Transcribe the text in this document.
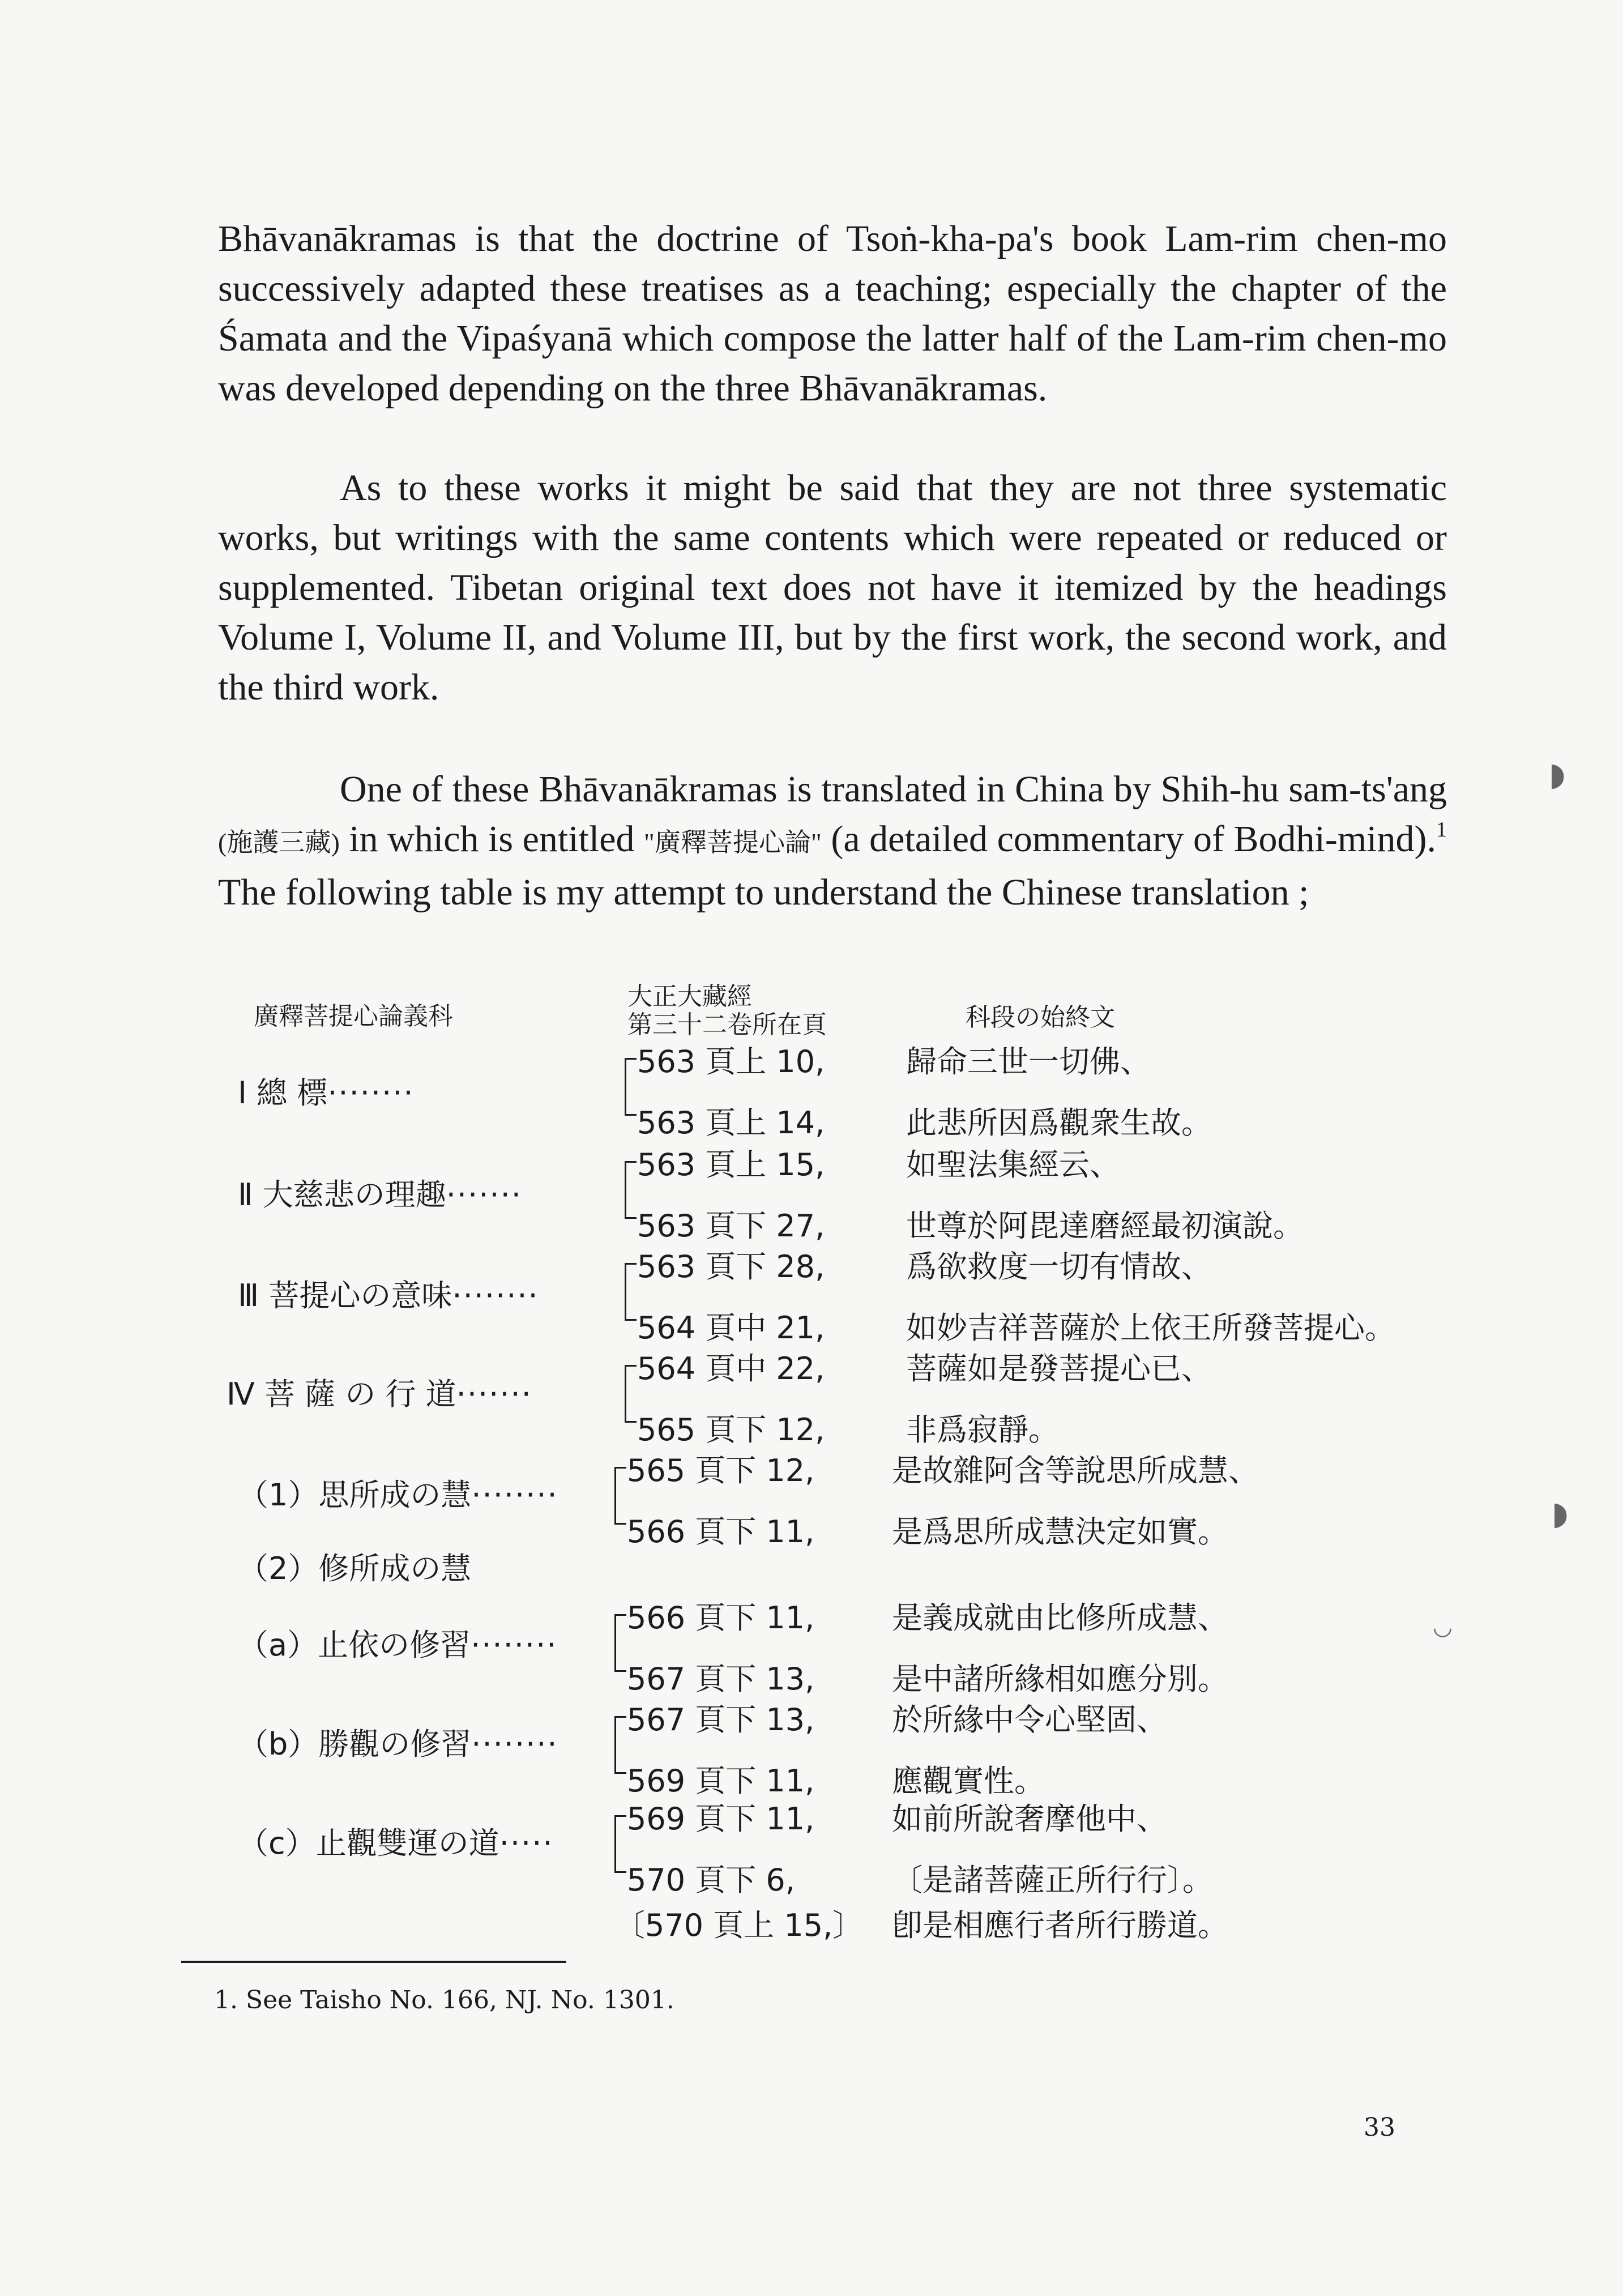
Bhāvanākramas is that the doctrine of Tsoṅ-kha-pa's book Lam-rim chen-mo successively adapted these treatises as a teaching; especially the chapter of the Śamata and the Vipaśyanā which compose the latter half of the Lam-rim chen-mo was developed depending on the three Bhāvanākramas.

As to these works it might be said that they are not three systematic works, but writings with the same contents which were repeated or reduced or supplemented. Tibetan original text does not have it itemized by the headings Volume I, Volume II, and Volume III, but by the first work, the second work, and the third work.

One of these Bhāvanākramas is translated in China by Shih-hu sam-ts'ang (施護三藏) in which is entitled "廣釋菩提心論" (a detailed commentary of Bodhi-mind).$^1$ The following table is my attempt to understand the Chinese translation ;

廣釋菩提心論義科
大正大藏經
第三十二卷所在頁	科段の始終文
Ⅰ 總 標········
563 頁上 10,
563 頁上 14,
歸命三世一切佛、
此悲所因爲觀衆生故。
Ⅱ 大慈悲の理趣·······
563 頁上 15,
563 頁下 27,
如聖法集經云、
世尊於阿毘達磨經最初演說。
Ⅲ 菩提心の意味········
563 頁下 28,
564 頁中 21,
爲欲救度一切有情故、
如妙吉祥菩薩於上依王所發菩提心。
Ⅳ 菩 薩 の 行 道·······
564 頁中 22,
565 頁下 12,
菩薩如是發菩提心已、
非爲寂靜。
（1）思所成の慧········
565 頁下 12,
566 頁下 11,
是故雜阿含等說思所成慧、
是爲思所成慧決定如實。
（2）修所成の慧
（a）止依の修習········
566 頁下 11,
567 頁下 13,
是義成就由比修所成慧、
是中諸所緣相如應分別。
（b）勝觀の修習········
567 頁下 13,
569 頁下 11,
於所緣中令心堅固、
應觀實性。
（c）止觀雙運の道·····
569 頁下 11,
570 頁下 6,
如前所說奢摩他中、
〔是諸菩薩正所行行〕。
〔570 頁上 15,〕 卽是相應行者所行勝道。
1. See Taisho No. 166, NJ. No. 1301.
33
◗
◗
◡
